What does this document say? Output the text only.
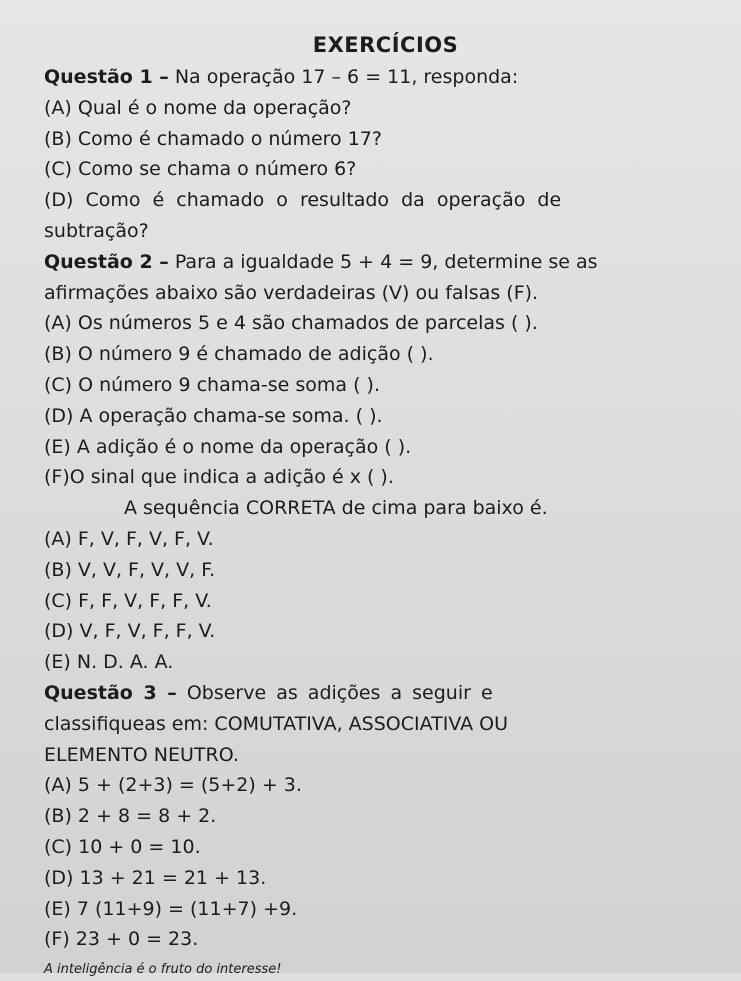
EXERCÍCIOS
Questão 1 – Na operação 17 – 6 = 11, responda:
(A) Qual é o nome da operação?
(B) Como é chamado o número 17?
(C) Como se chama o número 6?
(D) Como é chamado o resultado da operação de
subtração?
Questão 2 – Para a igualdade 5 + 4 = 9, determine se as
afirmações abaixo são verdadeiras (V) ou falsas (F).
(A) Os números 5 e 4 são chamados de parcelas ( ).
(B) O número 9 é chamado de adição ( ).
(C) O número 9 chama-se soma ( ).
(D) A operação chama-se soma. ( ).
(E) A adição é o nome da operação ( ).
(F)O sinal que indica a adição é x ( ).
A sequência CORRETA de cima para baixo é.
(A) F, V, F, V, F, V.
(B) V, V, F, V, V, F.
(C) F, F, V, F, F, V.
(D) V, F, V, F, F, V.
(E) N. D. A. A.
Questão 3 – Observe as adições a seguir e
classifiqueas em: COMUTATIVA, ASSOCIATIVA OU
ELEMENTO NEUTRO.
(A) 5 + (2+3) = (5+2) + 3.
(B) 2 + 8 = 8 + 2.
(C) 10 + 0 = 10.
(D) 13 + 21 = 21 + 13.
(E) 7 (11+9) = (11+7) +9.
(F) 23 + 0 = 23.
A inteligência é o fruto do interesse!
